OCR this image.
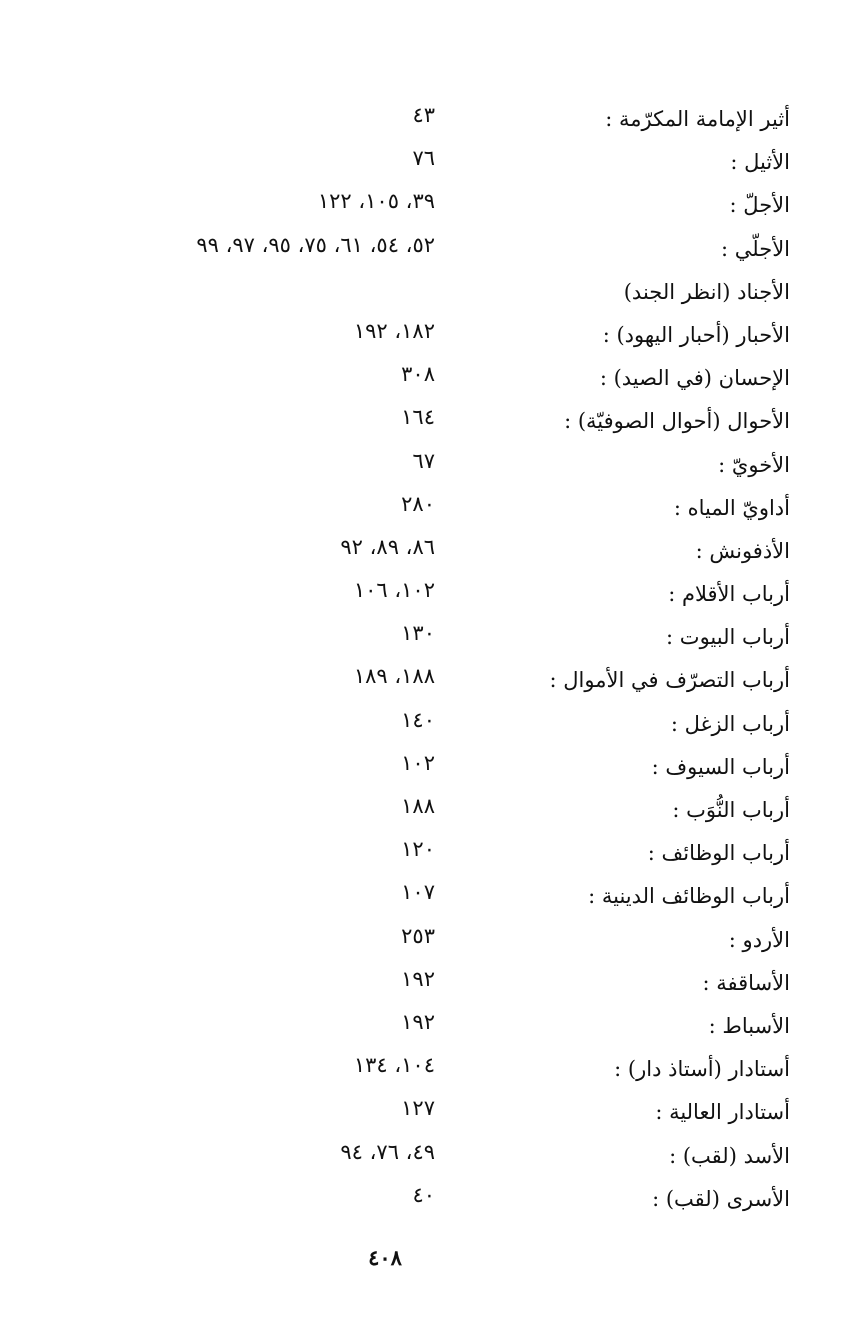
أثير الإمامة المكرّمة :
٤٣
الأثيل :
٧٦
الأجلّ :
٣٩، ١٠٥، ١٢٢
الأجلّي :
٥٢، ٥٤، ٦١، ٧٥، ٩٥، ٩٧، ٩٩
الأجناد (انظر الجند)
الأحبار (أحبار اليهود) :
١٨٢، ١٩٢
الإحسان (في الصيد) :
٣٠٨
الأحوال (أحوال الصوفيّة) :
١٦٤
الأخويّ :
٦٧
أداويّ المياه :
٢٨٠
الأذفونش :
٨٦، ٨٩، ٩٢
أرباب الأقلام :
١٠٢، ١٠٦
أرباب البيوت :
١٣٠
أرباب التصرّف في الأموال :
١٨٨، ١٨٩
أرباب الزغل :
١٤٠
أرباب السيوف :
١٠٢
أرباب النُّوَب :
١٨٨
أرباب الوظائف :
١٢٠
أرباب الوظائف الدينية :
١٠٧
الأردو :
٢٥٣
الأساقفة :
١٩٢
الأسباط :
١٩٢
أستادار (أستاذ دار) :
١٠٤، ١٣٤
أستادار العالية :
١٢٧
الأسد (لقب) :
٤٩، ٧٦، ٩٤
الأسرى (لقب) :
٤٠
٤٠٨
